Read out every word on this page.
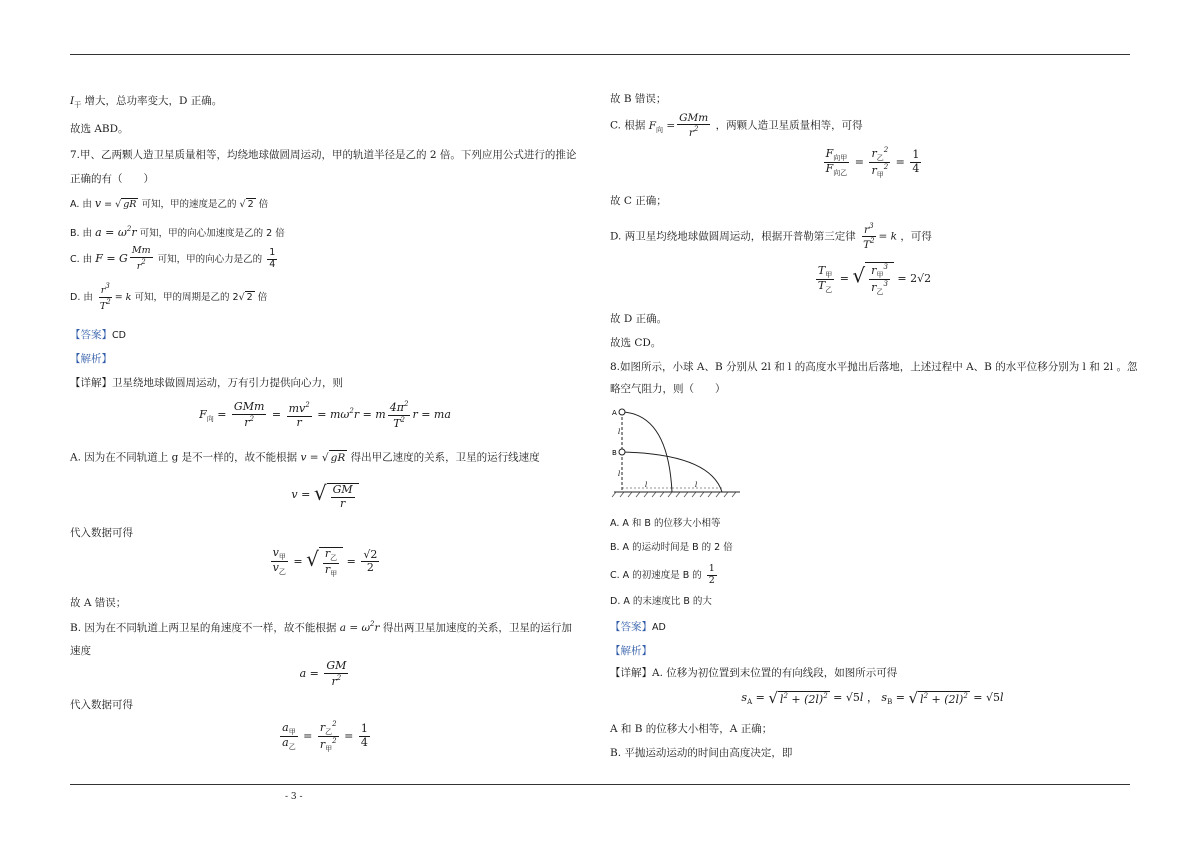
$I_干$ 增大，总功率变大，D 正确。
故选 ABD。
7.甲、乙两颗人造卫星质量相等，均绕地球做圆周运动，甲的轨道半径是乙的 2 倍。下列应用公式进行的推论
正确的有（　　）
A. 由 v = √ gR 可知，甲的速度是乙的 √ 2 倍
B. 由 $a = \omega^2r$ 可知，甲的向心加速度是乙的 2 倍
C. 由 F = G $\frac{Mm}{r^2}$ 可知，甲的向心力是乙的 $\frac{1}{4}$
D. 由 $\frac{r^3}{T^2} = k$ 可知，甲的周期是乙的 2√ 2 倍
【答案】CD
【解析】
【详解】卫星绕地球做圆周运动，万有引力提供向心力，则
$F_向 = \frac{\text{GMm}}{r^2} = \frac{mv^2}{r} = m\omega^2r = m \frac{4\pi^2}{T^2}$ r = ma
A. 因为在不同轨道上 g 是不一样的，故不能根据 v = √ gR 得出甲乙速度的关系，卫星的运行线速度
v = √ $\frac{GM}{r}$
代入数据可得
$\frac{v_甲}{v_乙}$ = √ $\frac{r_乙}{r_甲} = \frac{√2}{2}$
故 A 错误；
B. 因为在不同轨道上两卫星的角速度不一样，故不能根据 $a = \omega^2r$ 得出两卫星加速度的关系，卫星的运行加
速度
$a = \frac{GM}{r^2}$
代入数据可得
$\frac{a_甲}{a_乙} = \frac{r_乙^2}{r_甲^2} = \frac{1}{4}$
故 B 错误；
C. 根据 $F_向 = \frac{\text{GMm}}{r^2}$ ，两颗人造卫星质量相等，可得
$\frac{F_{向甲}}{F_{向乙}} = \frac{r_乙^2}{r_甲^2} = \frac{1}{4}$
故 C 正确；
D. 两卫星均绕地球做圆周运动，根据开普勒第三定律 $\frac{r^3}{T^2} = k$ ，可得
$\frac{T_甲}{T_乙}$ = √ $\frac{r_甲^3}{r_乙^3} = 2√2$
故 D 正确。
故选 CD。
8.如图所示，小球 A、B 分别从 2l 和 l 的高度水平抛出后落地，上述过程中 A、B 的水平位移分别为 l 和 2l 。忽
略空气阻力，则（　　）
A
B
l
l
l	l
A. A 和 B 的位移大小相等
B. A 的运动时间是 B 的 2 倍
C. A 的初速度是 B 的 $\frac{1}{2}$
D. A 的末速度比 B 的大
【答案】AD
【解析】
【详解】A. 位移为初位置到末位置的有向线段，如图所示可得
$s_A$ = √ $l^2 + (2l)^2 = √5l$ ， $s_B$ = √ $l^2 + (2l)^2 = √5l$
A 和 B 的位移大小相等，A 正确；
B. 平抛运动运动的时间由高度决定，即
- 3 -
